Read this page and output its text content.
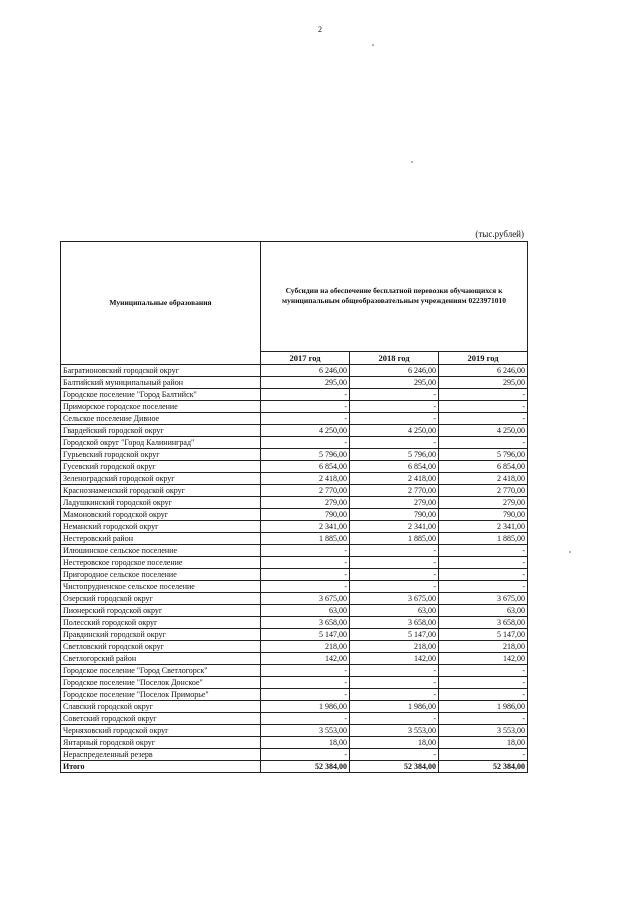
2
(тыс.рублей)
Муниципальные образования	Субсидии на обеспечение бесплатной перевозки обучающихся к муниципальным общеобразовательным учреждениям 0223971010		
	2017 год	2018 год	2019 год
Багратионовский городской округ	6 246,00	6 246,00	6 246,00
Балтийский муниципальный район	295,00	295,00	295,00
Городское поселение "Город Балтийск"	-	-	-
Приморское городское поселение	-	-	-
Сельское поселение Дивное	-	-	-
Гвардейский городской округ	4 250,00	4 250,00	4 250,00
Городской округ "Город Калининград"	-	-	-
Гурьевский городской округ	5 796,00	5 796,00	5 796,00
Гусевский городской округ	6 854,00	6 854,00	6 854,00
Зеленоградский городской округ	2 418,00	2 418,00	2 418,00
Краснознаменский городской округ	2 770,00	2 770,00	2 770,00
Ладушкинский городской округ	279,00	279,00	279,00
Мамоновский городской округ	790,00	790,00	790,00
Неманский городской округ	2 341,00	2 341,00	2 341,00
Нестеровский район	1 885,00	1 885,00	1 885,00
Илюшинское сельское поселение	-	-	-
Нестеровское городское поселение	-	-	-
Пригородное сельское поселение	-	-	-
Чистопрудненское сельское поселение	-	-	-
Озерский городской округ	3 675,00	3 675,00	3 675,00
Пионерский городской округ	63,00	63,00	63,00
Полесский городской округ	3 658,00	3 658,00	3 658,00
Правдинский городской округ	5 147,00	5 147,00	5 147,00
Светловский городской округ	218,00	218,00	218,00
Светлогорский район	142,00	142,00	142,00
Городское поселение "Город Светлогорск"	-	-	-
Городское поселение "Поселок Донское"	-	-	-
Городское поселение "Поселок Приморье"	-	-	-
Славский городской округ	1 986,00	1 986,00	1 986,00
Советский городской округ	-	-	-
Черняховский городской округ	3 553,00	3 553,00	3 553,00
Янтарный городской округ	18,00	18,00	18,00
Нераспределенный резерв	-	-	-
Итого	52 384,00	52 384,00	52 384,00
